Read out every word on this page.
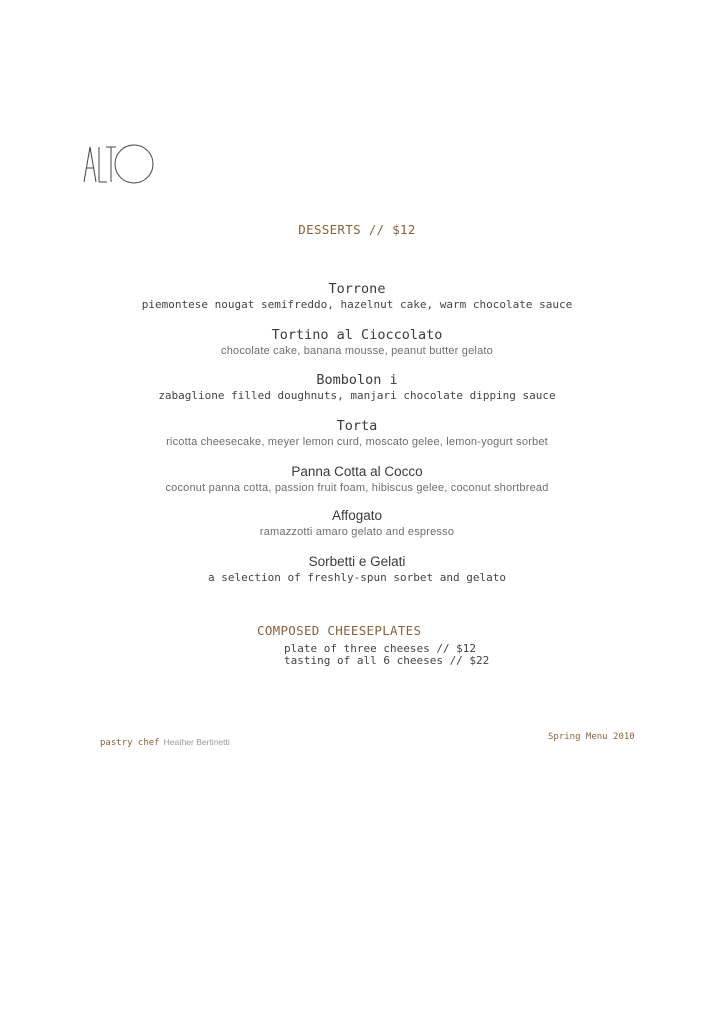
DESSERTS // $12
Torrone
piemontese nougat semifreddo, hazelnut cake, warm chocolate sauce
Tortino al Cioccolato
chocolate cake, banana mousse, peanut butter gelato
Bombolon i
zabaglione filled doughnuts, manjari chocolate dipping sauce
Torta
ricotta cheesecake, meyer lemon curd, moscato gelee, lemon-yogurt sorbet
Panna Cotta al Cocco
coconut panna cotta, passion fruit foam, hibiscus gelee, coconut shortbread
Affogato
ramazzotti amaro gelato and espresso
Sorbetti e Gelati
a selection of freshly-spun sorbet and gelato
COMPOSED CHEESEPLATES
plate of three cheeses // $12
tasting of all 6 cheeses // $22
pastry chef Heather Bertinetti	Spring Menu 2010
